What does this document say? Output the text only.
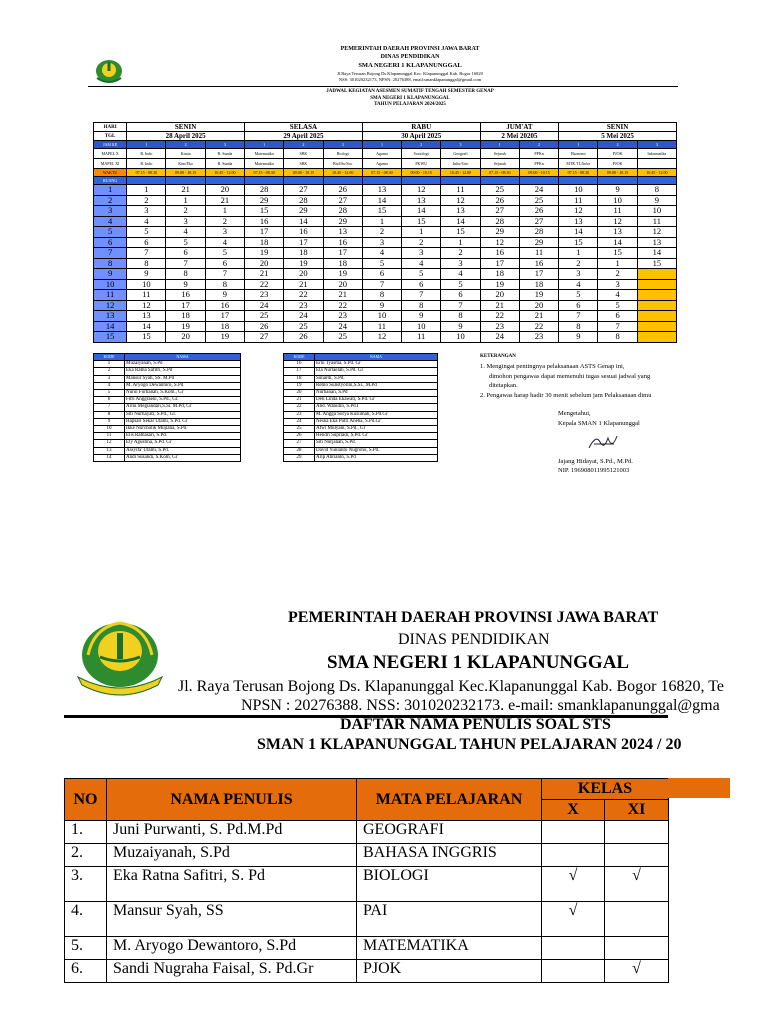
PEMERINTAH DAERAH PROVINSI JAWA BARAT
DINAS PENDIDIKAN
SMA NEGERI 1 KLAPANUNGGAL
Jl.Raya Terusan Bojong Ds.Klapanunggal Kec. Klapanunggal Kab. Bogor 16820
NSS: 301020232173, NPSN: 20276388, email:smanklapanunggal@gmail.com
JADWAL KEGIATAN ASESMEN SUMATIF TENGAH SEMESTER GENAP
SMA NEGERI 1 KLAPANUNGGAL
TAHUN PELAJARAN 2024/2025
HARI	SENIN			SELASA			RABU			JUM'AT		SENIN		
TGL	28 April 2025			29 April 2025			30 April 2025			2 Mei 20205		5 Mei 2025		
JAM KE	1	2	3	1	2	3	1	2	3	1	2	1	2	3
MAPEL X	B. Indo	Kimia	B. Sunda	Matematika	SBK	Biologi	Agama	Sosiologi	Geografi	Sejarah	PPKn	Ekonomi	PJOK	Informatika
MAPEL XI	B. Indo	Kim/Eko	B. Sunda	Matematika	SBK	Biol/So/Soc	Agama	PKWU	Infor/Geo	Sejarah	PPKn	MTK TL/Infor	PJOK	
WAKTU	07.15 - 08.30	09.00 - 10.15	10.45 - 12.00	07.15 - 08.30	09.00 - 10.15	10.45 - 12.00	07.15 - 08.30	09.00 - 10.15	10.45 - 12.00	07.15 - 08.30	09.00 - 10.15	07.15 - 08.30	09.00 - 10.15	10.45 - 12.00
RUANG														
1	1	21	20	28	27	26	13	12	11	25	24	10	9	8
2	2	1	21	29	28	27	14	13	12	26	25	11	10	9
3	3	2	1	15	29	28	15	14	13	27	26	12	11	10
4	4	3	2	16	14	29	1	15	14	28	27	13	12	11
5	5	4	3	17	16	13	2	1	15	29	28	14	13	12
6	6	5	4	18	17	16	3	2	1	12	29	15	14	13
7	7	6	5	19	18	17	4	3	2	16	11	1	15	14
8	8	7	6	20	19	18	5	4	3	17	16	2	1	15
9	9	8	7	21	20	19	6	5	4	18	17	3	2	
10	10	9	8	22	21	20	7	6	5	19	18	4	3	
11	11	16	9	23	22	21	8	7	6	20	19	5	4	
12	12	17	16	24	23	22	9	8	7	21	20	6	5	
13	13	18	17	25	24	23	10	9	8	22	21	7	6	
14	14	19	18	26	25	24	11	10	9	23	22	8	7	
15	15	20	19	27	26	25	12	11	10	24	23	9	8	
KODE	NAMA
1	Muzaiyanah, S.Pd
2	Eka Ratna Safitri, S.Pd
3	Mansur Syah, SS. M.Pd
4	M. Aryogo Dewantoro, S.Pd
5	Nurul Furhanah, S.Kom., Gr
6	Fitri Anggraeni, S.Pd., Gr.
7	Arini Megiandari,S.Si. M.Pd, Gr
8	Siti Nurhayati, S.Pd., Gr.
9	Hapsari Sekar Utami, S.Pd. Gr
10	Ikke Nurcholik Mujiana, S.Pd.
11	Elis Ratnasari, S.Pd.
12	Ely Agustina, S.Pd. Gr
13	Assyifa' Utami, S.Pd.
14	Andi Susandi, S.Kom, Gr
KODE	NAMA
16	Erni Tyasma, S.Pd. Gr
17	Ela Nurlaelah, S.Pd. Gr
18	Sunardi, S.Pd.
19	Remo Sulistyorini,S.Si., M.Pd
20	Nurhanan, S.Pd
21	Deti Linda Ekawati, S.Pd. Gr
22	Abd. Wahidin, S.Pd.I
23	M. Angga Surya Kusumah, S.Pd.Gr
24	Nesna Eka Putri Aneba, S.Pd.Gr
25	Afwi Mulyani, S.Pd., Gr
26	Hendri Supriadi, S.Pd. Gr
27	Siti Nurjanah, S.Pd.
28	David Yunianto Nugroho, S.Pd.
29	Arip Abrianto, S.Pd
KETERANGAN
1. Mengingat pentingnya pelaksanaan ASTS Genap ini,
dimohon pengawas dapat memenuhi tugas sesuai jadwal yang
ditetapkan.
2. Pengawas harap hadir 30 menit sebelum jam Pelaksanaan dimu
Mengetahui,
Kepala SMAN 1 Klapanunggal
Jajang Hidayat, S.Pd., M.Pd.
NIP. 196908011995121003
PEMERINTAH DAERAH PROVINSI JAWA BARAT
DINAS PENDIDIKAN
SMA NEGERI 1 KLAPANUNGGAL
Jl. Raya Terusan Bojong Ds. Klapanunggal Kec.Klapanunggal Kab. Bogor 16820, Te
NPSN : 20276388. NSS: 301020232173. e-mail: smanklapanunggal@gma
DAFTAR NAMA PENULIS SOAL STS
SMAN 1 KLAPANUNGGAL TAHUN PELAJARAN 2024 / 20
NO	NAMA PENULIS	MATA PELAJARAN	KELAS	
			X	XI
1.	Juni Purwanti, S. Pd.M.Pd	GEOGRAFI		
2.	Muzaiyanah, S.Pd	BAHASA INGGRIS		
3.	Eka Ratna Safitri, S. Pd	BIOLOGI	√	√
4.	Mansur Syah, SS	PAI	√	
5.	M. Aryogo Dewantoro, S.Pd	MATEMATIKA		
6.	Sandi Nugraha Faisal, S. Pd.Gr	PJOK		√
